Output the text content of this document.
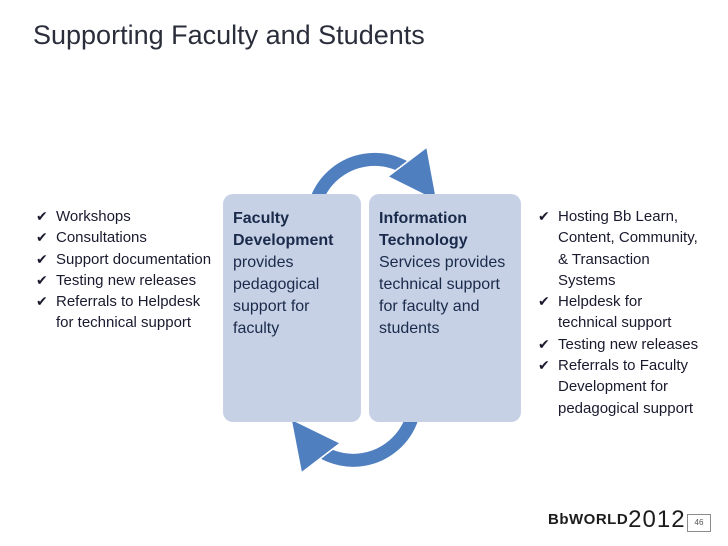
Supporting Faculty and Students
✔ Workshops
✔ Consultations
✔ Support documentation
✔ Testing new releases
✔ Referrals to Helpdesk for technical support
Faculty
Development
provides pedagogical support for faculty
Information
Technology
Services provides technical support for faculty and students
✔ Hosting Bb Learn, Content, Community, & Transaction Systems
✔ Helpdesk for technical support
✔ Testing new releases
✔ Referrals to Faculty Development for pedagogical support
BbWORLD2012	46
